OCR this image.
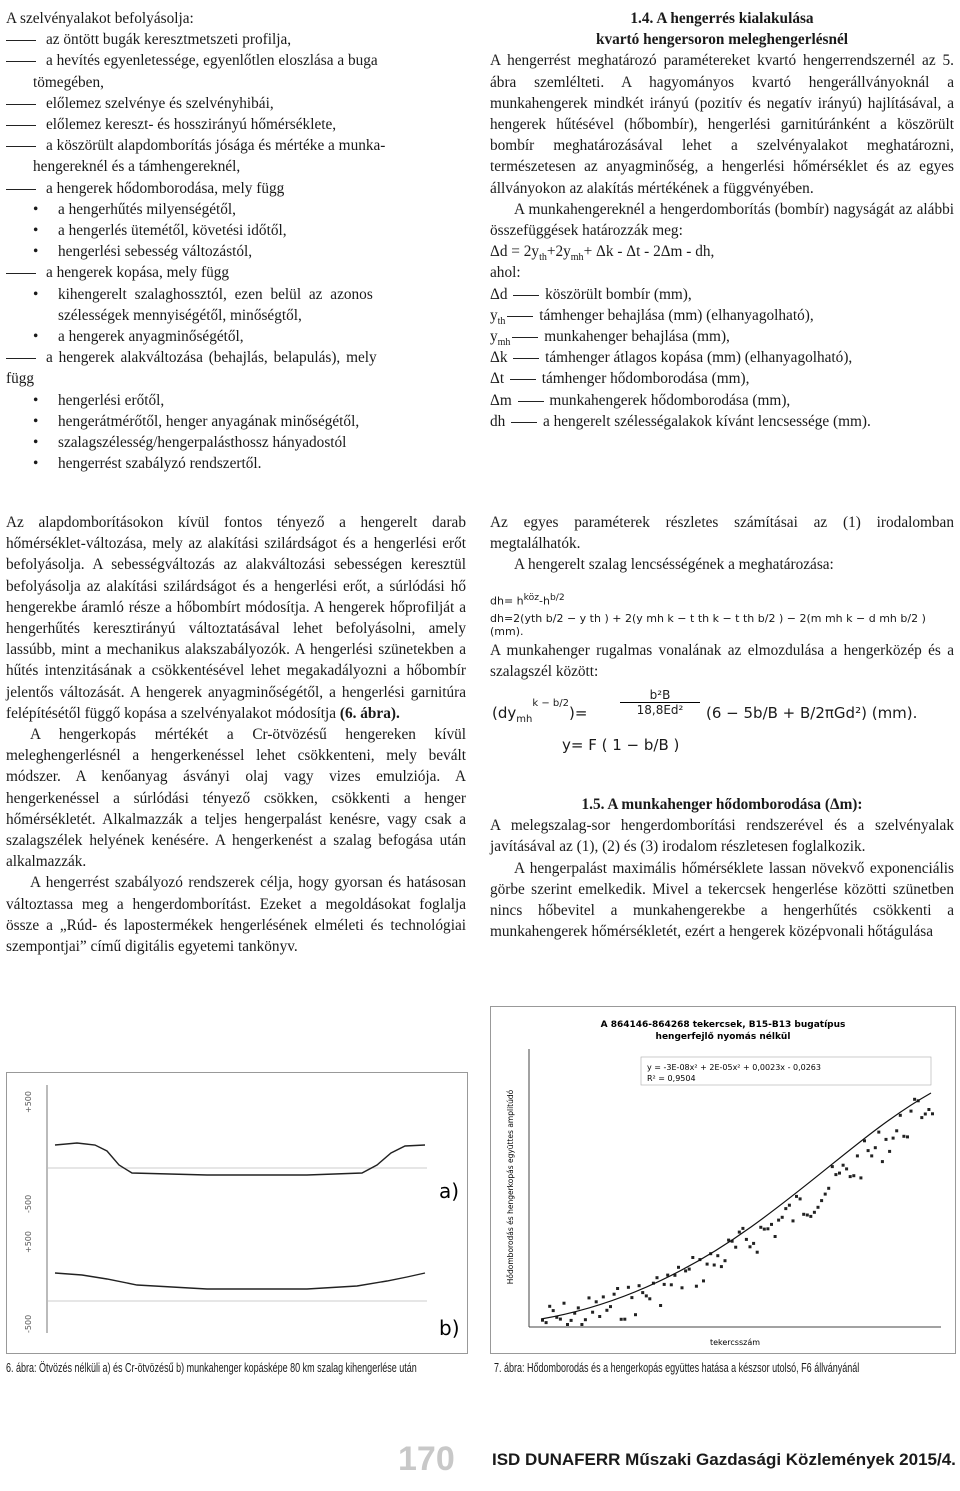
A szelvényalakot befolyásolja:
az öntött bugák keresztmetszeti profilja,
a hevítés egyenletessége, egyenlőtlen eloszlása a buga
tömegében,
előlemez szelvénye és szelvényhibái,
előlemez kereszt- és hosszirányú hőmérséklete,
a köszörült alapdomborítás jósága és mértéke a munka-
hengereknél és a támhengereknél,
a hengerek hődomborodása, mely függ
• a hengerhűtés milyenségétől,
• a hengerlés ütemétől, követési időtől,
• hengerlési sebesség változástól,
a hengerek kopása, mely függ
• kihengerelt szalaghossztól, ezen belül az azonos
szélességek mennyiségétől, minőségtől,
• a hengerek anyagminőségétől,
a hengerek alakváltozása (behajlás, belapulás), mely
függ
• hengerlési erőtől,
• hengerátmérőtől, henger anyagának minőségétől,
• szalagszélesség/hengerpalásthossz hányadostól
• hengerrést szabályzó rendszertől.

Az alapdomborításokon kívül fontos tényező a hengerelt darab hőmérséklet-változása, mely az alakítási szilárdságot és a hengerlési erőt befolyásolja. A sebességváltozás az alakváltozási sebességen keresztül befolyásolja az alakítási szilárdságot és a hengerlési erőt, a súrlódási hő hengerekbe áramló része a hőbombírt módosítja. A hengerek hőprofilját a hengerhűtés keresztirányú változtatásával lehet befolyásolni, amely lassúbb, mint a mechanikus alakszabályozók. A hengerlési szünetekben a hűtés intenzitásának a csökkentésével lehet megakadályozni a hőbombír jelentős változását. A hengerek anyagminőségétől, a hengerlési garnitúra felépítésétől függő kopása a szelvényalakot módosítja (6. ábra).

A hengerkopás mértékét a Cr-ötvözésű hengereken kívül meleghengerlésnél a hengerkenéssel lehet csökkenteni, mely bevált módszer. A kenőanyag ásványi olaj vagy vizes emulziója. A hengerkenéssel a súrlódási tényező csökken, csökkenti a henger hőmérsékletét. Alkalmazzák a teljes hengerpalást kenésre, vagy csak a szalagszélek helyének kenésére. A hengerkenést a szalag befogása után alkalmazzák.

A hengerrést szabályozó rendszerek célja, hogy gyorsan és hatásosan változtassa meg a hengerdomborítást. Ezeket a megoldásokat foglalja össze a „Rúd- és lapostermékek hengerlésének elméleti és technológiai szempontjai” című digitális egyetemi tankönyv.

1.4. A hengerrés kialakulása
kvartó hengersoron meleghengerlésnél

A hengerrést meghatározó paramétereket kvartó hengerrendszernél az 5. ábra szemlélteti. A hagyományos kvartó hengerállványoknál a munkahengerek mindkét irányú (pozitív és negatív irányú) hajlításával, a hengerek hűtésével (hőbombír), hengerlési garnitúránként a köszörült bombír meghatározásával lehet a szelvényalakot meghatározni, természetesen az anyagminőség, a hengerlési hőmérséklet és az egyes állványokon az alakítás mértékének a függvényében.

A munkahengereknél a hengerdomborítás (bombír) nagyságát az alábbi összefüggések határozzák meg:

$\Delta d = 2y_{th}+2y_{mh}+ \Delta k - \Delta t - 2\Delta m$ - dh,
ahol:
Δd  köszörült bombír (mm),
$y_{th}$ támhenger behajlása (mm) (elhanyagolható),
$y_{mh}$ munkahenger behajlása (mm),
Δk  támhenger átlagos kopása (mm) (elhanyagolható),
Δt  támhenger hődomborodása (mm),
Δm  munkahengerek hődomborodása (mm),
dh  a hengerelt szélességalakok kívánt lencsessége (mm).

Az egyes paraméterek részletes számításai az (1) irodalomban megtalálhatók.

A hengerelt szalag lencsésségének a meghatározása:

$dh= h^{köz}-h^{b/2}$
dh=2(yth b/2 − y th ) + 2(y mh k − t th k − t th b/2 ) − 2(m mh k − d mh b/2 ) (mm).

A munkahenger rugalmas vonalának az elmozdulása a hengerközép és a szalagszél között:

$(dy_{mh}^{k - b/2})=$
b²B
18,8Ed²	(6 − 5b/B + B/2πGd²) (mm).
y= F ( 1 − b/B )
1.5. A munkahenger hődomborodása (Δm):

A melegszalag-sor hengerdomborítási rendszerével és a szelvényalak javításával az (1), (2) és (3) irodalom részletesen foglalkozik.

A hengerpalást maximális hőmérséklete lassan növekvő exponenciális görbe szerint emelkedik. Mivel a tekercsek hengerlése közötti szünetben nincs hőbevitel a munkahengerekbe a hengerhűtés csökkenti a munkahengerek hőmérsékletét, ezért a hengerek középvonali hőtágulása

+500
-500
+500
-500
a)
b)
6. ábra: Ötvözés nélküli a) és Cr-ötvözésű b) munkahenger kopásképe 80 km szalag kihengerlése után
A 864146-864268 tekercsek, B15-B13 bugatípus
hengerfejlő nyomás nélkül
y = -3E-08x² + 2E-05x² + 0,0023x - 0,0263
R² = 0,9504
Hődomborodás és hengerkopás együttes amplitúdó
tekercsszám
7. ábra: Hődomborodás és a hengerkopás együttes hatása a készsor utolsó, F6 állványánál
170 ISD DUNAFERR Műszaki Gazdasági Közlemények 2015/4.
